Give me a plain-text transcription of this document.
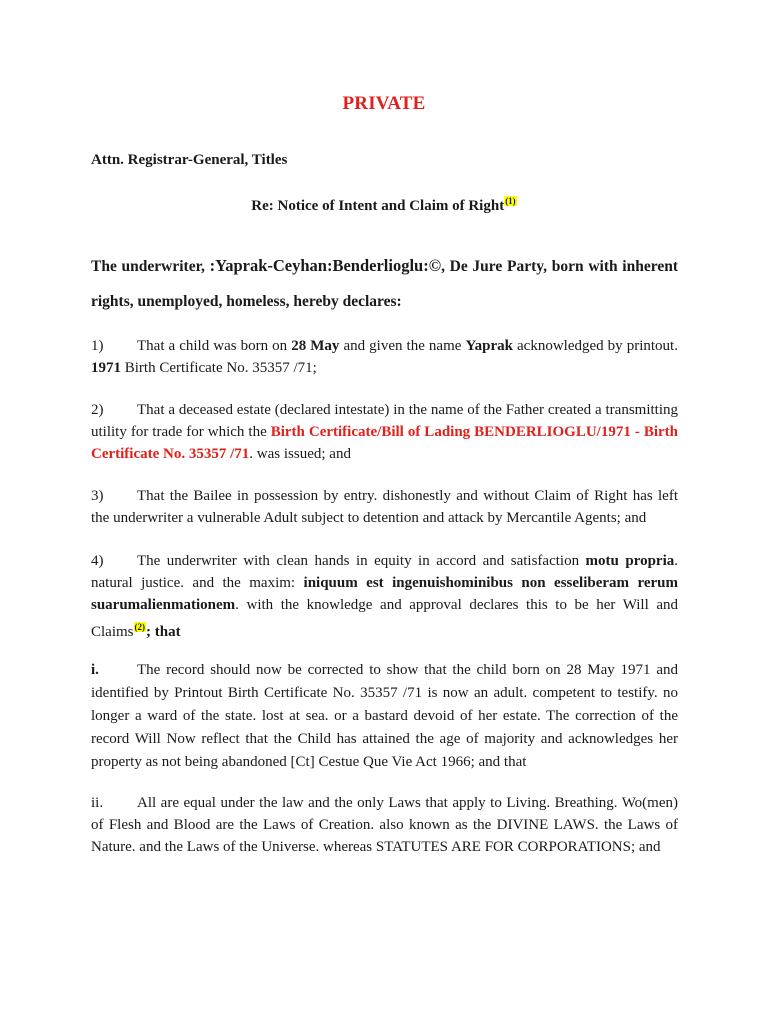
PRIVATE
Attn. Registrar-General, Titles
Re: Notice of Intent and Claim of Right$^{(1)}$
The underwriter, :Yaprak-Ceyhan:Benderlioglu:©, De Jure Party, born with inherent rights, unemployed, homeless, hereby declares:
1) That a child was born on 28 May and given the name Yaprak acknowledged by printout. 1971 Birth Certificate No. 35357 /71;
2) That a deceased estate (declared intestate) in the name of the Father created a transmitting utility for trade for which the Birth Certificate/Bill of Lading BENDERLIOGLU/1971 - Birth Certificate No. 35357 /71. was issued; and
3) That the Bailee in possession by entry. dishonestly and without Claim of Right has left the underwriter a vulnerable Adult subject to detention and attack by Mercantile Agents; and
4) The underwriter with clean hands in equity in accord and satisfaction motu propria. natural justice. and the maxim: iniquum est ingenuishominibus non esseliberam rerum suarumalienmationem. with the knowledge and approval declares this to be her Will and Claims$^{(2)}$; that
i.	The record should now be corrected to show that the child born on 28 May 1971 and identified by Printout Birth Certificate No. 35357 /71 is now an adult. competent to testify. no longer a ward of the state. lost at sea. or a bastard devoid of her estate. The correction of the record Will Now reflect that the Child has attained the age of majority and acknowledges her property as not being abandoned [Ct] Cestue Que Vie Act 1966; and that
ii. All are equal under the law and the only Laws that apply to Living. Breathing. Wo(men) of Flesh and Blood are the Laws of Creation. also known as the DIVINE LAWS. the Laws of Nature. and the Laws of the Universe. whereas STATUTES ARE FOR CORPORATIONS; and
